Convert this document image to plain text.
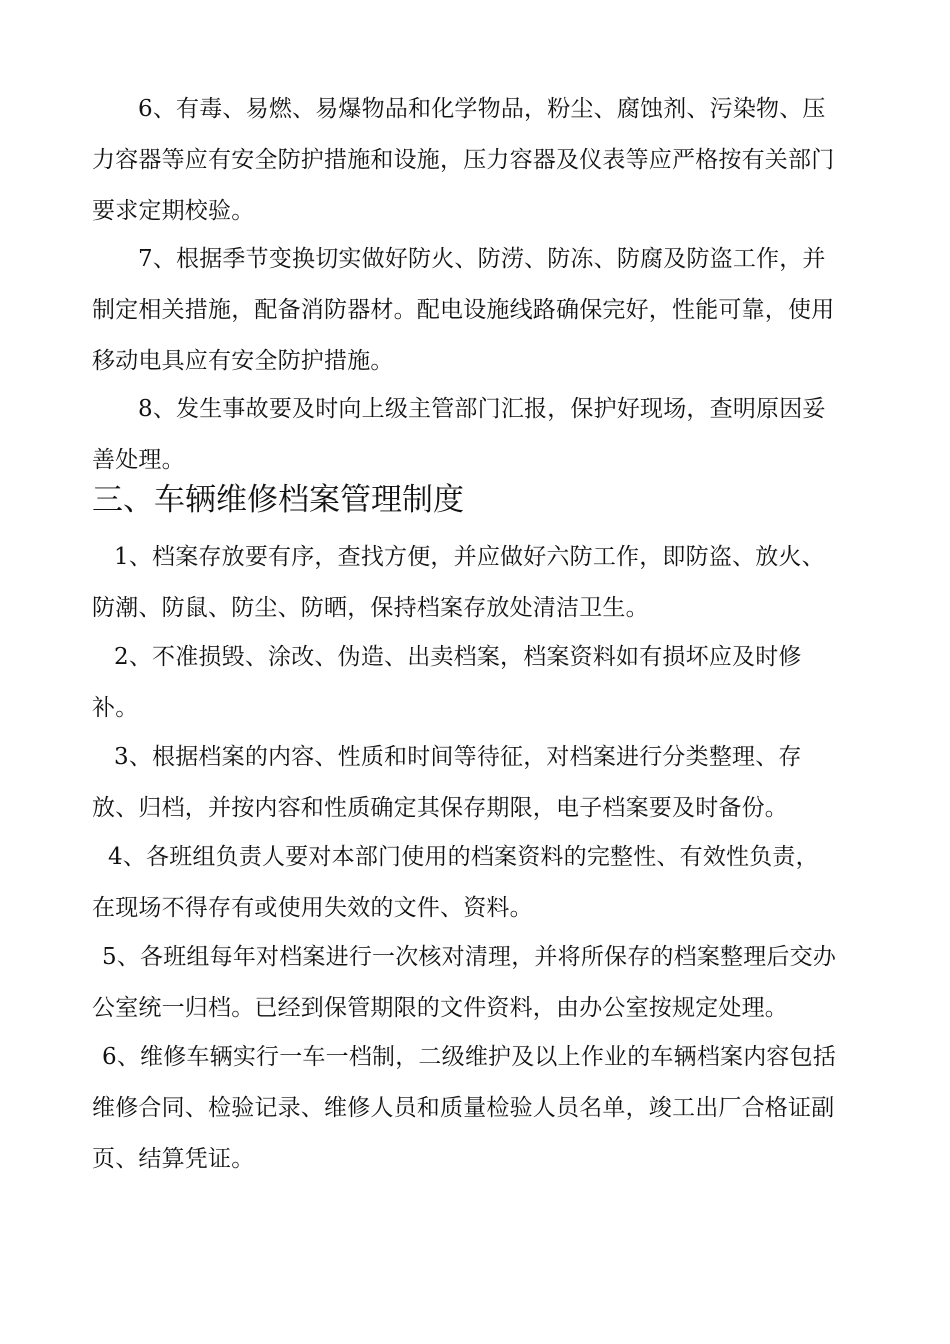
6、有毒、易燃、易爆物品和化学物品，粉尘、腐蚀剂、污染物、压力容器等应有安全防护措施和设施，压力容器及仪表等应严格按有关部门要求定期校验。

7、根据季节变换切实做好防火、防涝、防冻、防腐及防盗工作，并制定相关措施，配备消防器材。配电设施线路确保完好，性能可靠，使用移动电具应有安全防护措施。

8、发生事故要及时向上级主管部门汇报，保护好现场，查明原因妥善处理。

三、车辆维修档案管理制度

1、档案存放要有序，查找方便，并应做好六防工作，即防盗、放火、防潮、防鼠、防尘、防晒，保持档案存放处清洁卫生。

2、不准损毁、涂改、伪造、出卖档案，档案资料如有损坏应及时修补。

3、根据档案的内容、性质和时间等待征，对档案进行分类整理、存放、归档，并按内容和性质确定其保存期限，电子档案要及时备份。

4、各班组负责人要对本部门使用的档案资料的完整性、有效性负责，在现场不得存有或使用失效的文件、资料。

5、各班组每年对档案进行一次核对清理，并将所保存的档案整理后交办公室统一归档。已经到保管期限的文件资料，由办公室按规定处理。

6、维修车辆实行一车一档制，二级维护及以上作业的车辆档案内容包括维修合同、检验记录、维修人员和质量检验人员名单，竣工出厂合格证副页、结算凭证。
